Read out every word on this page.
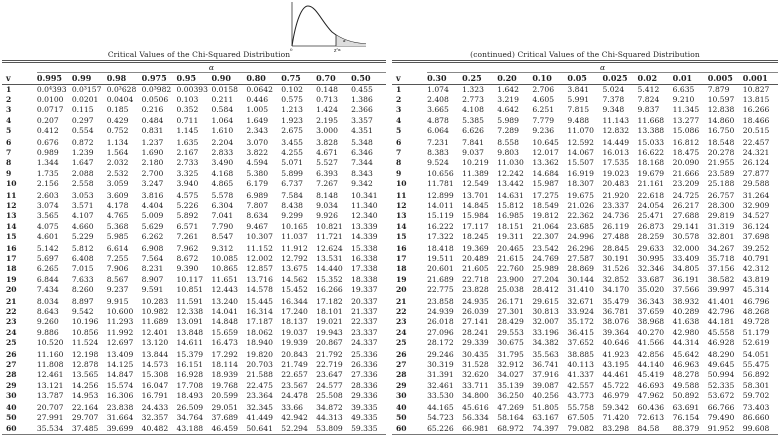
0	χ²α
α
Critical Values of the Chi-Squared Distribution
	α									
v	0.995	0.99	0.98	0.975	0.95	0.90	0.80	0.75	0.70	0.50
1	0.0⁴393	0.0³157	0.0³628	0.0³982	0.00393	0.0158	0.0642	0.102	0.148	0.455
2	0.0100	0.0201	0.0404	0.0506	0.103	0.211	0.446	0.575	0.713	1.386
3	0.0717	0.115	0.185	0.216	0.352	0.584	1.005	1.213	1.424	2.366
4	0.207	0.297	0.429	0.484	0.711	1.064	1.649	1.923	2.195	3.357
5	0.412	0.554	0.752	0.831	1.145	1.610	2.343	2.675	3.000	4.351
6	0.676	0.872	1.134	1.237	1.635	2.204	3.070	3.455	3.828	5.348
7	0.989	1.239	1.564	1.690	2.167	2.833	3.822	4.255	4.671	6.346
8	1.344	1.647	2.032	2.180	2.733	3.490	4.594	5.071	5.527	7.344
9	1.735	2.088	2.532	2.700	3.325	4.168	5.380	5.899	6.393	8.343
10	2.156	2.558	3.059	3.247	3.940	4.865	6.179	6.737	7.267	9.342
11	2.603	3.053	3.609	3.816	4.575	5.578	6.989	7.584	8.148	10.341
12	3.074	3.571	4.178	4.404	5.226	6.304	7.807	8.438	9.034	11.340
13	3.565	4.107	4.765	5.009	5.892	7.041	8.634	9.299	9.926	12.340
14	4.075	4.660	5.368	5.629	6.571	7.790	9.467	10.165	10.821	13.339
15	4.601	5.229	5.985	6.262	7.261	8.547	10.307	11.037	11.721	14.339
16	5.142	5.812	6.614	6.908	7.962	9.312	11.152	11.912	12.624	15.338
17	5.697	6.408	7.255	7.564	8.672	10.085	12.002	12.792	13.531	16.338
18	6.265	7.015	7.906	8.231	9.390	10.865	12.857	13.675	14.440	17.338
19	6.844	7.633	8.567	8.907	10.117	11.651	13.716	14.562	15.352	18.338
20	7.434	8.260	9.237	9.591	10.851	12.443	14.578	15.452	16.266	19.337
21	8.034	8.897	9.915	10.283	11.591	13.240	15.445	16.344	17.182	20.337
22	8.643	9.542	10.600	10.982	12.338	14.041	16.314	17.240	18.101	21.337
23	9.260	10.196	11.293	11.689	13.091	14.848	17.187	18.137	19.021	22.337
24	9.886	10.856	11.992	12.401	13.848	15.659	18.062	19.037	19.943	23.337
25	10.520	11.524	12.697	13.120	14.611	16.473	18.940	19.939	20.867	24.337
26	11.160	12.198	13.409	13.844	15.379	17.292	19.820	20.843	21.792	25.336
27	11.808	12.878	14.125	14.573	16.151	18.114	20.703	21.749	22.719	26.336
28	12.461	13.565	14.847	15.308	16.928	18.939	21.588	22.657	23.647	27.336
29	13.121	14.256	15.574	16.047	17.708	19.768	22.475	23.567	24.577	28.336
30	13.787	14.953	16.306	16.791	18.493	20.599	23.364	24.478	25.508	29.336
40	20.707	22.164	23.838	24.433	26.509	29.051	32.345	33.66	34.872	39.335
50	27.991	29.707	31.664	32.357	34.764	37.689	41.449	42.942	44.313	49.335
60	35.534	37.485	39.699	40.482	43.188	46.459	50.641	52.294	53.809	59.335
(continued) Critical Values of the Chi-Squared Distribution
	α									
v	0.30	0.25	0.20	0.10	0.05	0.025	0.02	0.01	0.005	0.001
1	1.074	1.323	1.642	2.706	3.841	5.024	5.412	6.635	7.879	10.827
2	2.408	2.773	3.219	4.605	5.991	7.378	7.824	9.210	10.597	13.815
3	3.665	4.108	4.642	6.251	7.815	9.348	9.837	11.345	12.838	16.266
4	4.878	5.385	5.989	7.779	9.488	11.143	11.668	13.277	14.860	18.466
5	6.064	6.626	7.289	9.236	11.070	12.832	13.388	15.086	16.750	20.515
6	7.231	7.841	8.558	10.645	12.592	14.449	15.033	16.812	18.548	22.457
7	8.383	9.037	9.803	12.017	14.067	16.013	16.622	18.475	20.278	24.321
8	9.524	10.219	11.030	13.362	15.507	17.535	18.168	20.090	21.955	26.124
9	10.656	11.389	12.242	14.684	16.919	19.023	19.679	21.666	23.589	27.877
10	11.781	12.549	13.442	15.987	18.307	20.483	21.161	23.209	25.188	29.588
11	12.899	13.701	14.631	17.275	19.675	21.920	22.618	24.725	26.757	31.264
12	14.011	14.845	15.812	18.549	21.026	23.337	24.054	26.217	28.300	32.909
13	15.119	15.984	16.985	19.812	22.362	24.736	25.471	27.688	29.819	34.527
14	16.222	17.117	18.151	21.064	23.685	26.119	26.873	29.141	31.319	36.124
15	17.322	18.245	19.311	22.307	24.996	27.488	28.259	30.578	32.801	37.698
16	18.418	19.369	20.465	23.542	26.296	28.845	29.633	32.000	34.267	39.252
17	19.511	20.489	21.615	24.769	27.587	30.191	30.995	33.409	35.718	40.791
18	20.601	21.605	22.760	25.989	28.869	31.526	32.346	34.805	37.156	42.312
19	21.689	22.718	23.900	27.204	30.144	32.852	33.687	36.191	38.582	43.819
20	22.775	23.828	25.038	28.412	31.410	34.170	35.020	37.566	39.997	45.314
21	23.858	24.935	26.171	29.615	32.671	35.479	36.343	38.932	41.401	46.796
22	24.939	26.039	27.301	30.813	33.924	36.781	37.659	40.289	42.796	48.268
23	26.018	27.141	28.429	32.007	35.172	38.076	38.968	41.638	44.181	49.728
24	27.096	28.241	29.553	33.196	36.415	39.364	40.270	42.980	45.558	51.179
25	28.172	29.339	30.675	34.382	37.652	40.646	41.566	44.314	46.928	52.619
26	29.246	30.435	31.795	35.563	38.885	41.923	42.856	45.642	48.290	54.051
27	30.319	31.528	32.912	36.741	40.113	43.195	44.140	46.963	49.645	55.475
28	31.391	32.620	34.027	37.916	41.337	44.461	45.419	48.278	50.994	56.892
29	32.461	33.711	35.139	39.087	42.557	45.722	46.693	49.588	52.335	58.301
30	33.530	34.800	36.250	40.256	43.773	46.979	47.962	50.892	53.672	59.702
40	44.165	45.616	47.269	51.805	55.758	59.342	60.436	63.691	66.766	73.403
50	54.723	56.334	58.164	63.167	67.505	71.420	72.613	76.154	79.490	86.660
60	65.226	66.981	68.972	74.397	79.082	83.298	84.58	88.379	91.952	99.608
